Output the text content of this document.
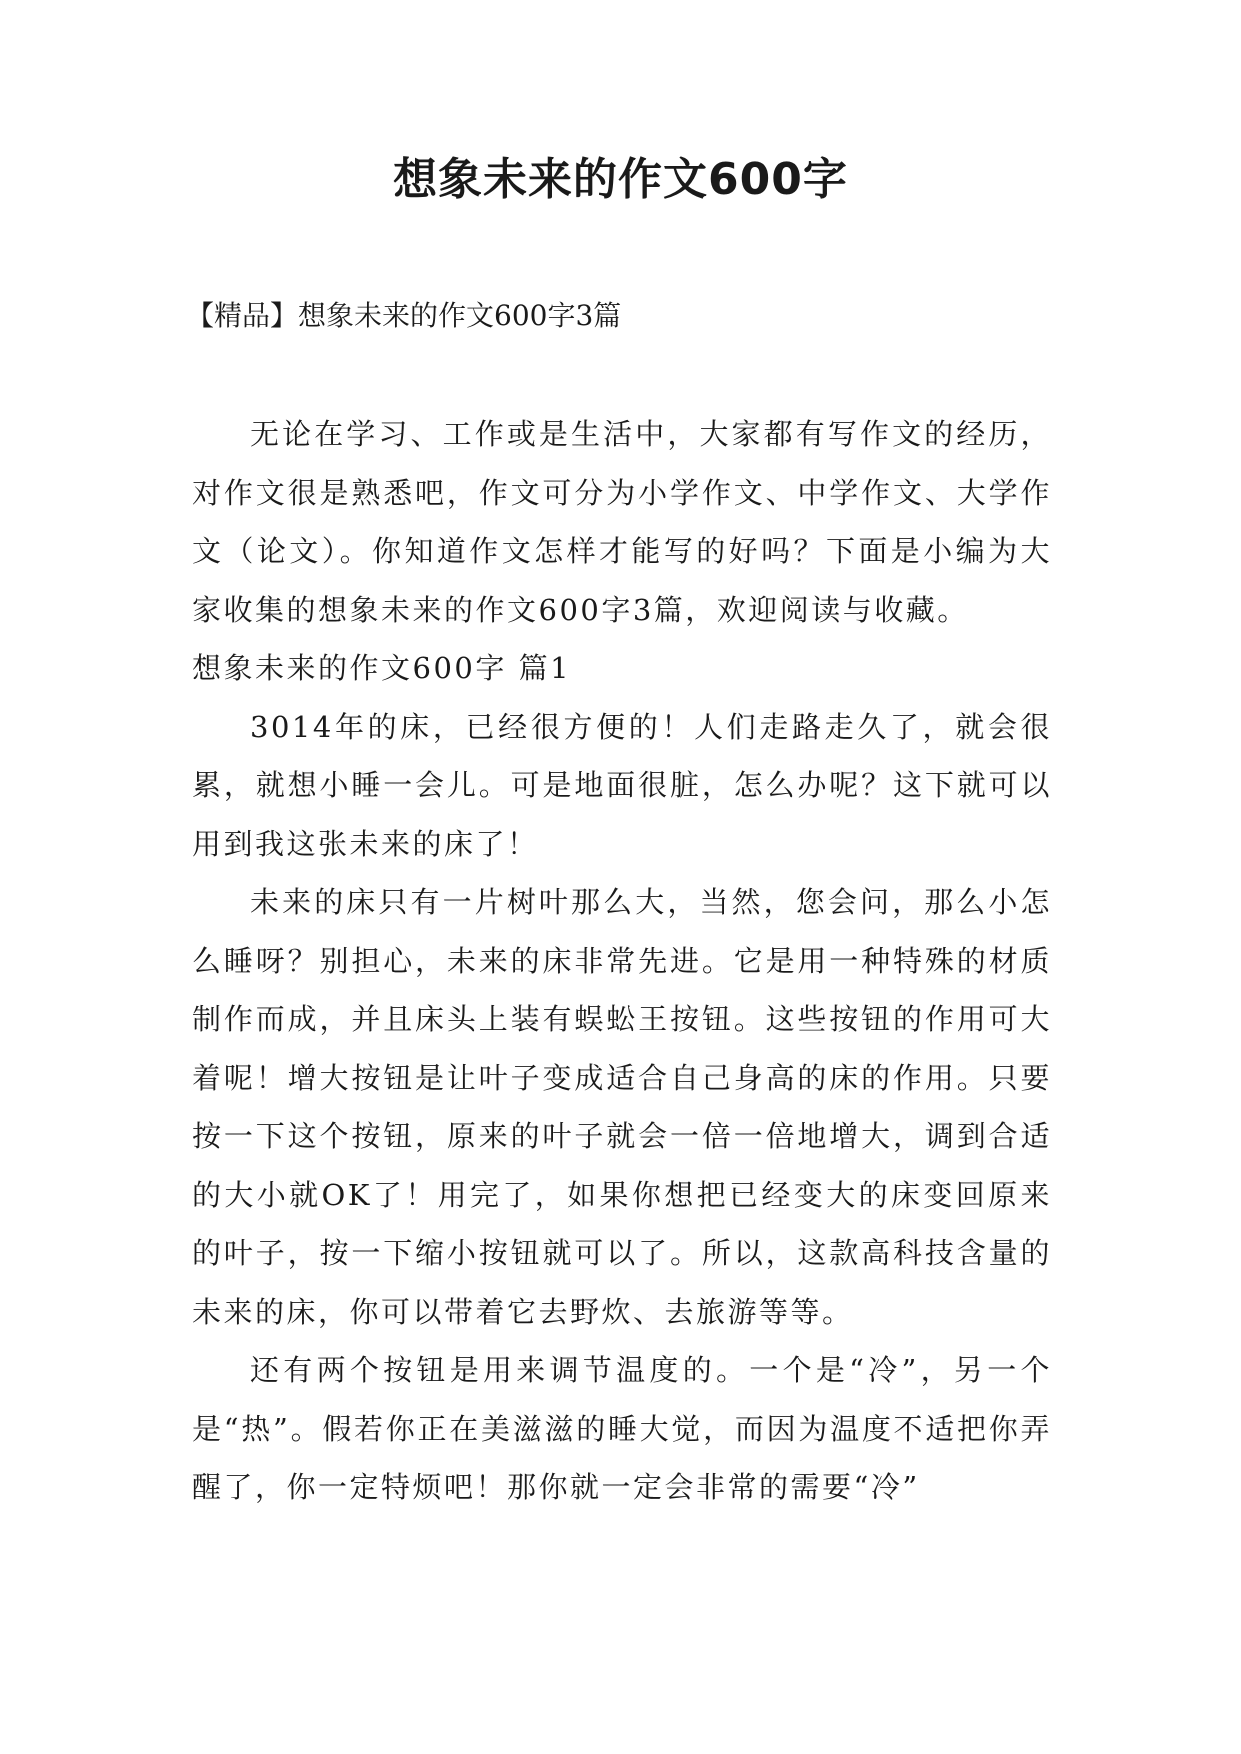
想象未来的作文600字

【精品】想象未来的作文600字3篇

无论在学习、工作或是生活中，大家都有写作文的经历，对作文很是熟悉吧，作文可分为小学作文、中学作文、大学作文（论文）。你知道作文怎样才能写的好吗？下面是小编为大家收集的想象未来的作文600字3篇，欢迎阅读与收藏。

想象未来的作文600字 篇1

3014年的床，已经很方便的！人们走路走久了，就会很累，就想小睡一会儿。可是地面很脏，怎么办呢？这下就可以用到我这张未来的床了！

未来的床只有一片树叶那么大，当然，您会问，那么小怎么睡呀？别担心，未来的床非常先进。它是用一种特殊的材质制作而成，并且床头上装有蜈蚣王按钮。这些按钮的作用可大着呢！增大按钮是让叶子变成适合自己身高的床的作用。只要按一下这个按钮，原来的叶子就会一倍一倍地增大，调到合适的大小就OK了！用完了，如果你想把已经变大的床变回原来的叶子，按一下缩小按钮就可以了。所以，这款高科技含量的未来的床，你可以带着它去野炊、去旅游等等。

还有两个按钮是用来调节温度的。一个是“冷”，另一个是“热”。假若你正在美滋滋的睡大觉，而因为温度不适把你弄醒了，你一定特烦吧！那你就一定会非常的需要“冷”
